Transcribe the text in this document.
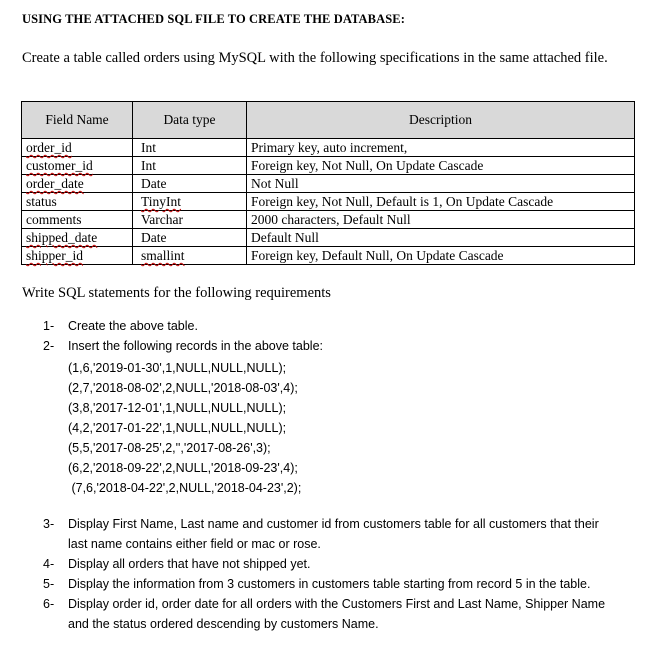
USING THE ATTACHED SQL FILE TO CREATE THE DATABASE:
Create a table called orders using MySQL with the following specifications in the same attached file.
Field Name	Data type	Description
order_id	Int	Primary key, auto increment,
customer_id	Int	Foreign key, Not Null, On Update Cascade
order_date	Date	Not Null
status	TinyInt	Foreign key, Not Null, Default is 1, On Update Cascade
comments	Varchar	2000 characters, Default Null
shipped_date	Date	Default Null
shipper_id	smallint	Foreign key, Default Null, On Update Cascade
Write SQL statements for the following requirements
1- Create the above table.
2- Insert the following records in the above table:
(1,6,'2019-01-30',1,NULL,NULL,NULL);
(2,7,'2018-08-02',2,NULL,'2018-08-03',4);
(3,8,'2017-12-01',1,NULL,NULL,NULL);
(4,2,'2017-01-22',1,NULL,NULL,NULL);
(5,5,'2017-08-25',2,'','2017-08-26',3);
(6,2,'2018-09-22',2,NULL,'2018-09-23',4);
(7,6,'2018-04-22',2,NULL,'2018-04-23',2);
3- Display First Name, Last name and customer id from customers table for all customers that their
last name contains either field or mac or rose.
4- Display all orders that have not shipped yet.
5- Display the information from 3 customers in customers table starting from record 5 in the table.
6- Display order id, order date for all orders with the Customers First and Last Name, Shipper Name
and the status ordered descending by customers Name.
